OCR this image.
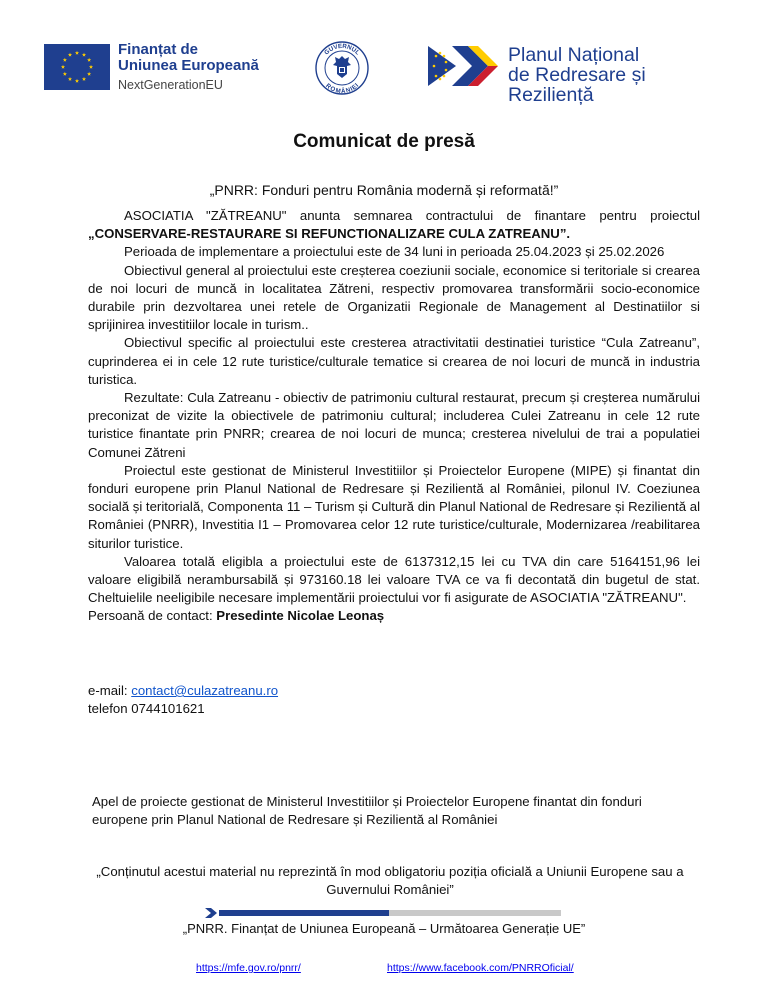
Finanțat de
Uniunea Europeană
NextGenerationEU
GUVERNUL
ROMÂNIEI
Planul Național
de Redresare și Reziliență
Comunicat de presă
„PNRR: Fonduri pentru România modernă și reformată!”

ASOCIATIA "ZĂTREANU" anunta semnarea contractului de finantare pentru proiectul „CONSERVARE-RESTAURARE SI REFUNCTIONALIZARE CULA ZATREANU”.

Perioada de implementare a proiectului este de 34 luni in perioada 25.04.2023 și 25.02.2026

Obiectivul general al proiectului este creșterea coeziunii sociale, economice si teritoriale si crearea de noi locuri de muncă in localitatea Zătreni, respectiv promovarea transformării socio-economice durabile prin dezvoltarea unei retele de Organizatii Regionale de Management al Destinatiilor si sprijinirea investitiilor locale in turism..

Obiectivul specific al proiectului este cresterea atractivitatii destinatiei turistice “Cula Zatreanu”, cuprinderea ei in cele 12 rute turistice/culturale tematice si crearea de noi locuri de muncă in industria turistica.

Rezultate: Cula Zatreanu - obiectiv de patrimoniu cultural restaurat, precum și creșterea numărului preconizat de vizite la obiectivele de patrimoniu cultural; includerea Culei Zatreanu in cele 12 rute turistice finantate prin PNRR; crearea de noi locuri de munca; cresterea nivelului de trai a populatiei Comunei Zătreni

Proiectul este gestionat de Ministerul Investitiilor și Proiectelor Europene (MIPE) și finantat din fonduri europene prin Planul National de Redresare și Rezilientă al României, pilonul IV. Coeziunea socială și teritorială, Componenta 11 – Turism și Cultură din Planul National de Redresare și Rezilientă al României (PNRR), Investitia I1 – Promovarea celor 12 rute turistice/culturale, Modernizarea /reabilitarea siturilor turistice.

Valoarea totală eligibla a proiectului este de 6137312,15 lei cu TVA din care 5164151,96 lei valoare eligibilă nerambursabilă și 973160.18 lei valoare TVA ce va fi decontată din bugetul de stat. Cheltuielile neeligibile necesare implementării proiectului vor fi asigurate de ASOCIATIA "ZĂTREANU".

Persoană de contact: Presedinte Nicolae Leonaș

e-mail: contact@culazatreanu.ro
telefon 0744101621
Apel de proiecte gestionat de Ministerul Investitiilor și Proiectelor Europene finantat din fonduri europene prin Planul National de Redresare și Rezilientă al României
„Conținutul acestui material nu reprezintă în mod obligatoriu poziția oficială a Uniunii Europene sau a Guvernului României”
„PNRR. Finanțat de Uniunea Europeană – Următoarea Generație UE”
https://mfe.gov.ro/pnrr/	https://www.facebook.com/PNRROficial/
